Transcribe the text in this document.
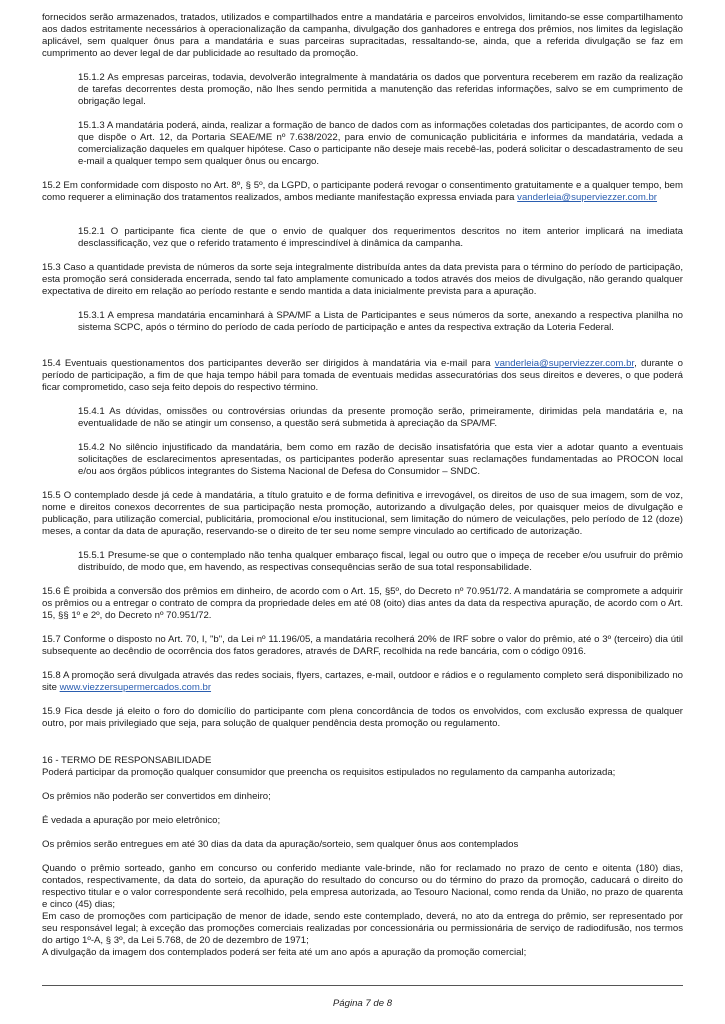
fornecidos serão armazenados, tratados, utilizados e compartilhados entre a mandatária e parceiros envolvidos, limitando-se esse compartilhamento aos dados estritamente necessários à operacionalização da campanha, divulgação dos ganhadores e entrega dos prêmios, nos limites da legislação aplicável, sem qualquer ônus para a mandatária e suas parceiras supracitadas, ressaltando-se, ainda, que a referida divulgação se faz em cumprimento ao dever legal de dar publicidade ao resultado da promoção.

15.1.2 As empresas parceiras, todavia, devolverão integralmente à mandatária os dados que porventura receberem em razão da realização de tarefas decorrentes desta promoção, não lhes sendo permitida a manutenção das referidas informações, salvo se em cumprimento de obrigação legal.

15.1.3 A mandatária poderá, ainda, realizar a formação de banco de dados com as informações coletadas dos participantes, de acordo com o que dispõe o Art. 12, da Portaria SEAE/ME nº 7.638/2022, para envio de comunicação publicitária e informes da mandatária, vedada a comercialização daqueles em qualquer hipótese. Caso o participante não deseje mais recebê-las, poderá solicitar o descadastramento de seu e-mail a qualquer tempo sem qualquer ônus ou encargo.

15.2 Em conformidade com disposto no Art. 8º, § 5º, da LGPD, o participante poderá revogar o consentimento gratuitamente e a qualquer tempo, bem como requerer a eliminação dos tratamentos realizados, ambos mediante manifestação expressa enviada para vanderleia@superviezzer.com.br

15.2.1 O participante fica ciente de que o envio de qualquer dos requerimentos descritos no item anterior implicará na imediata desclassificação, vez que o referido tratamento é imprescindível à dinâmica da campanha.

15.3 Caso a quantidade prevista de números da sorte seja integralmente distribuída antes da data prevista para o término do período de participação, esta promoção será considerada encerrada, sendo tal fato amplamente comunicado a todos através dos meios de divulgação, não gerando qualquer expectativa de direito em relação ao período restante e sendo mantida a data inicialmente prevista para a apuração.

15.3.1 A empresa mandatária encaminhará à SPA/MF a Lista de Participantes e seus números da sorte, anexando a respectiva planilha no sistema SCPC, após o término do período de cada período de participação e antes da respectiva extração da Loteria Federal.

15.4 Eventuais questionamentos dos participantes deverão ser dirigidos à mandatária via e-mail para vanderleia@superviezzer.com.br, durante o período de participação, a fim de que haja tempo hábil para tomada de eventuais medidas assecuratórias dos seus direitos e deveres, o que poderá ficar comprometido, caso seja feito depois do respectivo término.

15.4.1 As dúvidas, omissões ou controvérsias oriundas da presente promoção serão, primeiramente, dirimidas pela mandatária e, na eventualidade de não se atingir um consenso, a questão será submetida à apreciação da SPA/MF.

15.4.2 No silêncio injustificado da mandatária, bem como em razão de decisão insatisfatória que esta vier a adotar quanto a eventuais solicitações de esclarecimentos apresentadas, os participantes poderão apresentar suas reclamações fundamentadas ao PROCON local e/ou aos órgãos públicos integrantes do Sistema Nacional de Defesa do Consumidor – SNDC.

15.5 O contemplado desde já cede à mandatária, a título gratuito e de forma definitiva e irrevogável, os direitos de uso de sua imagem, som de voz, nome e direitos conexos decorrentes de sua participação nesta promoção, autorizando a divulgação deles, por quaisquer meios de divulgação e publicação, para utilização comercial, publicitária, promocional e/ou institucional, sem limitação do número de veiculações, pelo período de 12 (doze) meses, a contar da data de apuração, reservando-se o direito de ter seu nome sempre vinculado ao certificado de autorização.

15.5.1 Presume-se que o contemplado não tenha qualquer embaraço fiscal, legal ou outro que o impeça de receber e/ou usufruir do prêmio distribuído, de modo que, em havendo, as respectivas consequências serão de sua total responsabilidade.

15.6 É proibida a conversão dos prêmios em dinheiro, de acordo com o Art. 15, §5º, do Decreto nº 70.951/72. A mandatária se compromete a adquirir os prêmios ou a entregar o contrato de compra da propriedade deles em até 08 (oito) dias antes da data da respectiva apuração, de acordo com o Art. 15, §§ 1º e 2º, do Decreto nº 70.951/72.

15.7 Conforme o disposto no Art. 70, I, "b", da Lei nº 11.196/05, a mandatária recolherá 20% de IRF sobre o valor do prêmio, até o 3º (terceiro) dia útil subsequente ao decêndio de ocorrência dos fatos geradores, através de DARF, recolhida na rede bancária, com o código 0916.

15.8 A promoção será divulgada através das redes sociais, flyers, cartazes, e-mail, outdoor e rádios e o regulamento completo será disponibilizado no site www.viezzersupermercados.com.br

15.9 Fica desde já eleito o foro do domicílio do participante com plena concordância de todos os envolvidos, com exclusão expressa de qualquer outro, por mais privilegiado que seja, para solução de qualquer pendência desta promoção ou regulamento.

16 - TERMO DE RESPONSABILIDADE

Poderá participar da promoção qualquer consumidor que preencha os requisitos estipulados no regulamento da campanha autorizada;

Os prêmios não poderão ser convertidos em dinheiro;

É vedada a apuração por meio eletrônico;

Os prêmios serão entregues em até 30 dias da data da apuração/sorteio, sem qualquer ônus aos contemplados

Quando o prêmio sorteado, ganho em concurso ou conferido mediante vale-brinde, não for reclamado no prazo de cento e oitenta (180) dias, contados, respectivamente, da data do sorteio, da apuração do resultado do concurso ou do término do prazo da promoção, caducará o direito do respectivo titular e o valor correspondente será recolhido, pela empresa autorizada, ao Tesouro Nacional, como renda da União, no prazo de quarenta e cinco (45) dias;

Em caso de promoções com participação de menor de idade, sendo este contemplado, deverá, no ato da entrega do prêmio, ser representado por seu responsável legal; à exceção das promoções comerciais realizadas por concessionária ou permissionária de serviço de radiodifusão, nos termos do artigo 1º-A, § 3º, da Lei 5.768, de 20 de dezembro de 1971;

A divulgação da imagem dos contemplados poderá ser feita até um ano após a apuração da promoção comercial;

Página 7 de 8
